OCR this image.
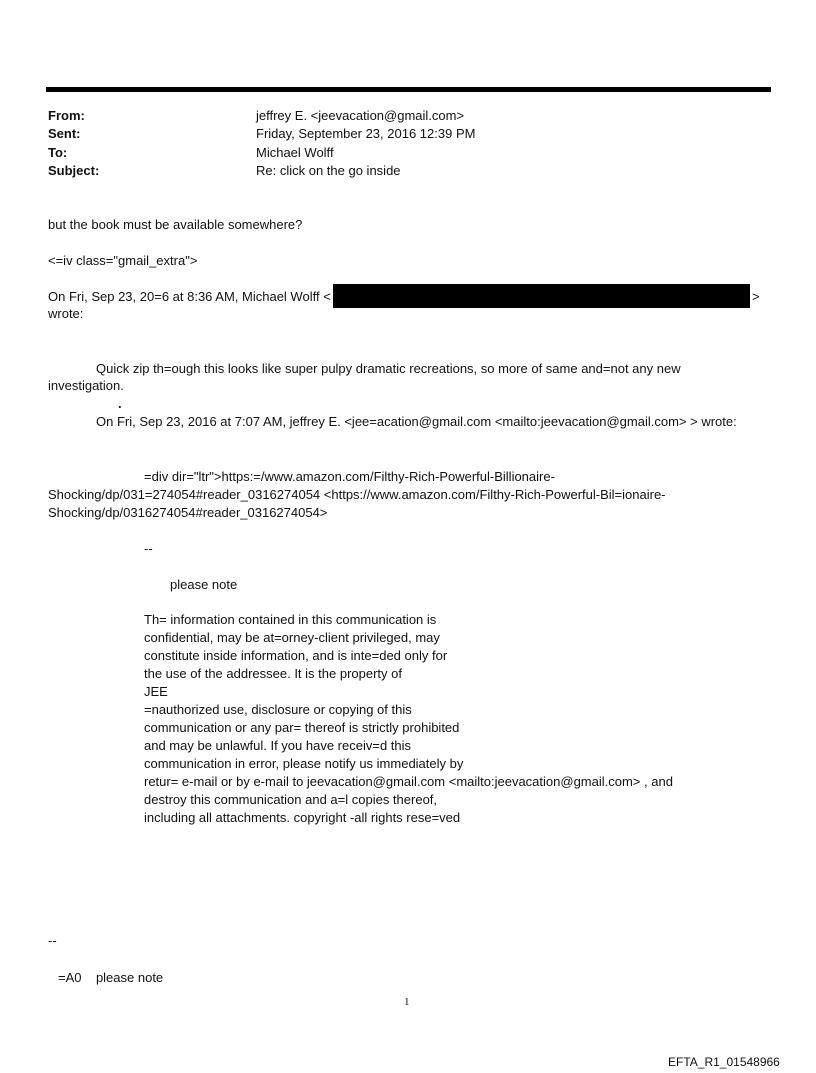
From:	jeffrey E. <jeevacation@gmail.com>
Sent:	Friday, September 23, 2016 12:39 PM
To:	Michael Wolff
Subject:	Re: click on the go inside
but the book must be available somewhere?
<=iv class="gmail_extra">
On Fri, Sep 23, 20=6 at 8:36 AM, Michael Wolff <	>
wrote:
Quick zip th=ough this looks like super pulpy dramatic recreations, so more of same and=not any new
investigation.
.
On Fri, Sep 23, 2016 at 7:07 AM, jeffrey E. <jee=acation@gmail.com <mailto:jeevacation@gmail.com> > wrote:
=div dir="ltr">https:=/www.amazon.com/Filthy-Rich-Powerful-Billionaire-
Shocking/dp/031=274054#reader_0316274054 <https://www.amazon.com/Filthy-Rich-Powerful-Bil=ionaire-
Shocking/dp/0316274054#reader_0316274054>
--
please note
Th= information contained in this communication is
confidential, may be at=orney-client privileged, may
constitute inside information, and is inte=ded only for
the use of the addressee. It is the property of
JEE
=nauthorized use, disclosure or copying of this
communication or any par= thereof is strictly prohibited
and may be unlawful. If you have receiv=d this
communication in error, please notify us immediately by
retur= e-mail or by e-mail to jeevacation@gmail.com <mailto:jeevacation@gmail.com> , and
destroy this communication and a=l copies thereof,
including all attachments. copyright -all rights rese=ved
--
=A0    please note
1
EFTA_R1_01548966
